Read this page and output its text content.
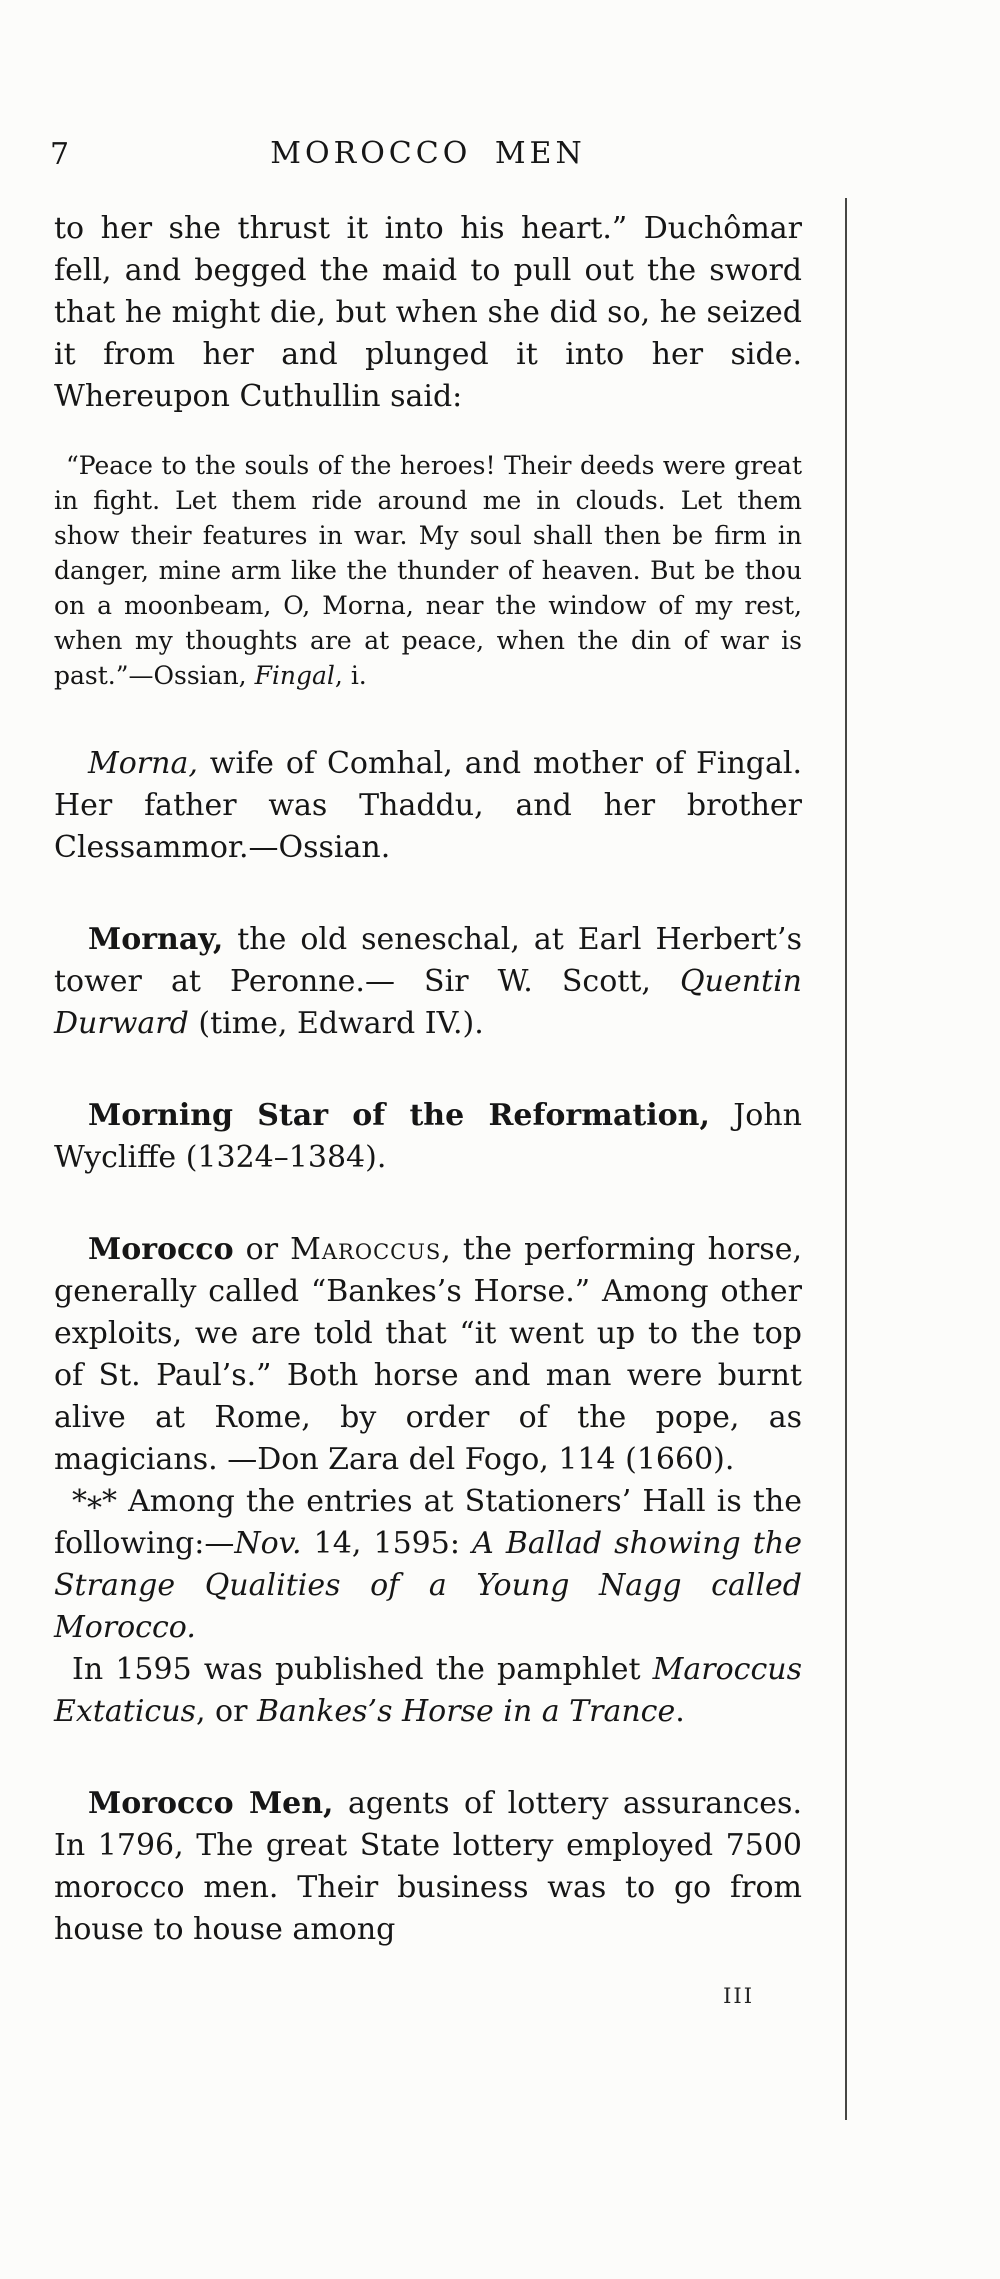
7	MOROCCO MEN

to her she thrust it into his heart.” Duchômar fell, and begged the maid to pull out the sword that he might die, but when she did so, he seized it from her and plunged it into her side. Whereupon Cuthullin said:

“Peace to the souls of the heroes! Their deeds were great in fight. Let them ride around me in clouds. Let them show their features in war. My soul shall then be firm in danger, mine arm like the thunder of heaven. But be thou on a moonbeam, O, Morna, near the window of my rest, when my thoughts are at peace, when the din of war is past.”—Ossian, Fingal, i.

Morna, wife of Comhal, and mother of Fingal. Her father was Thaddu, and her brother Clessammor.—Ossian.

Mornay, the old seneschal, at Earl Herbert’s tower at Peronne.— Sir W. Scott, Quentin Durward (time, Edward IV.).

Morning Star of the Reformation, John Wycliffe (1324–1384).

Morocco or Maroccus, the performing horse, generally called “Bankes’s Horse.” Among other exploits, we are told that “it went up to the top of St. Paul’s.” Both horse and man were burnt alive at Rome, by order of the pope, as magicians. —Don Zara del Fogo, 114 (1660).

*** Among the entries at Stationers’ Hall is the following:—Nov. 14, 1595: A Ballad showing the Strange Qualities of a Young Nagg called Morocco.

In 1595 was published the pamphlet Maroccus Extaticus, or Bankes’s Horse in a Trance.

Morocco Men, agents of lottery assurances. In 1796, The great State lottery employed 7500 morocco men. Their business was to go from house to house among

III
